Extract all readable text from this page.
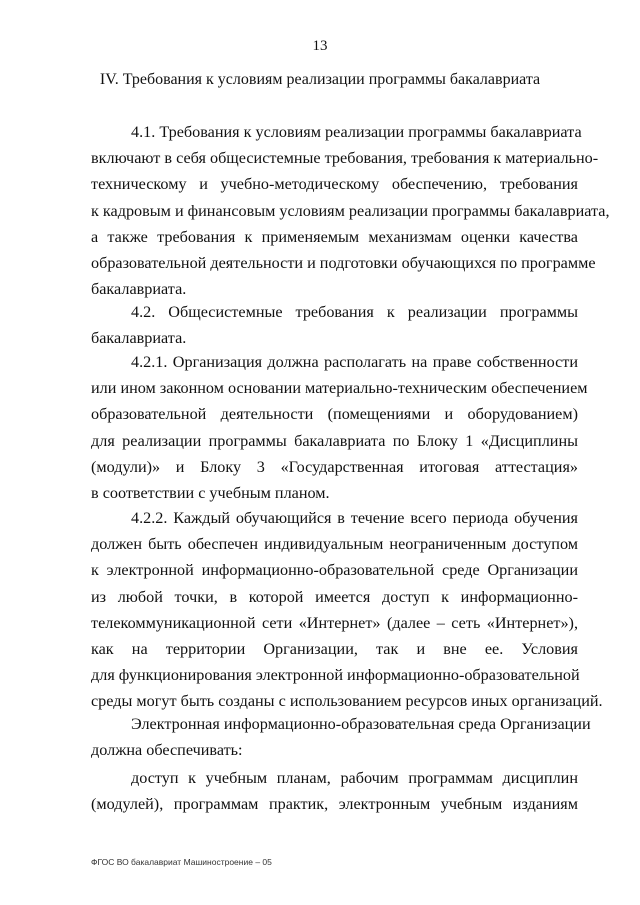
13
IV. Требования к условиям реализации программы бакалавриата
4.1. Требования к условиям реализации программы бакалавриата
включают в себя общесистемные требования, требования к материально-
техническому и учебно-методическому обеспечению, требования
к кадровым и финансовым условиям реализации программы бакалавриата,
а также требования к применяемым механизмам оценки качества
образовательной деятельности и подготовки обучающихся по программе
бакалавриата.
4.2. Общесистемные требования к реализации программы
бакалавриата.
4.2.1. Организация должна располагать на праве собственности
или ином законном основании материально-техническим обеспечением
образовательной деятельности (помещениями и оборудованием)
для реализации программы бакалавриата по Блоку 1 «Дисциплины
(модули)» и Блоку 3 «Государственная итоговая аттестация»
в соответствии с учебным планом.
4.2.2. Каждый обучающийся в течение всего периода обучения
должен быть обеспечен индивидуальным неограниченным доступом
к электронной информационно-образовательной среде Организации
из любой точки, в которой имеется доступ к информационно-
телекоммуникационной сети «Интернет» (далее – сеть «Интернет»),
как на территории Организации, так и вне ее. Условия
для функционирования электронной информационно-образовательной
среды могут быть созданы с использованием ресурсов иных организаций.
Электронная информационно-образовательная среда Организации
должна обеспечивать:
доступ к учебным планам, рабочим программам дисциплин
(модулей), программам практик, электронным учебным изданиям
ФГОС ВО бакалавриат Машиностроение – 05
